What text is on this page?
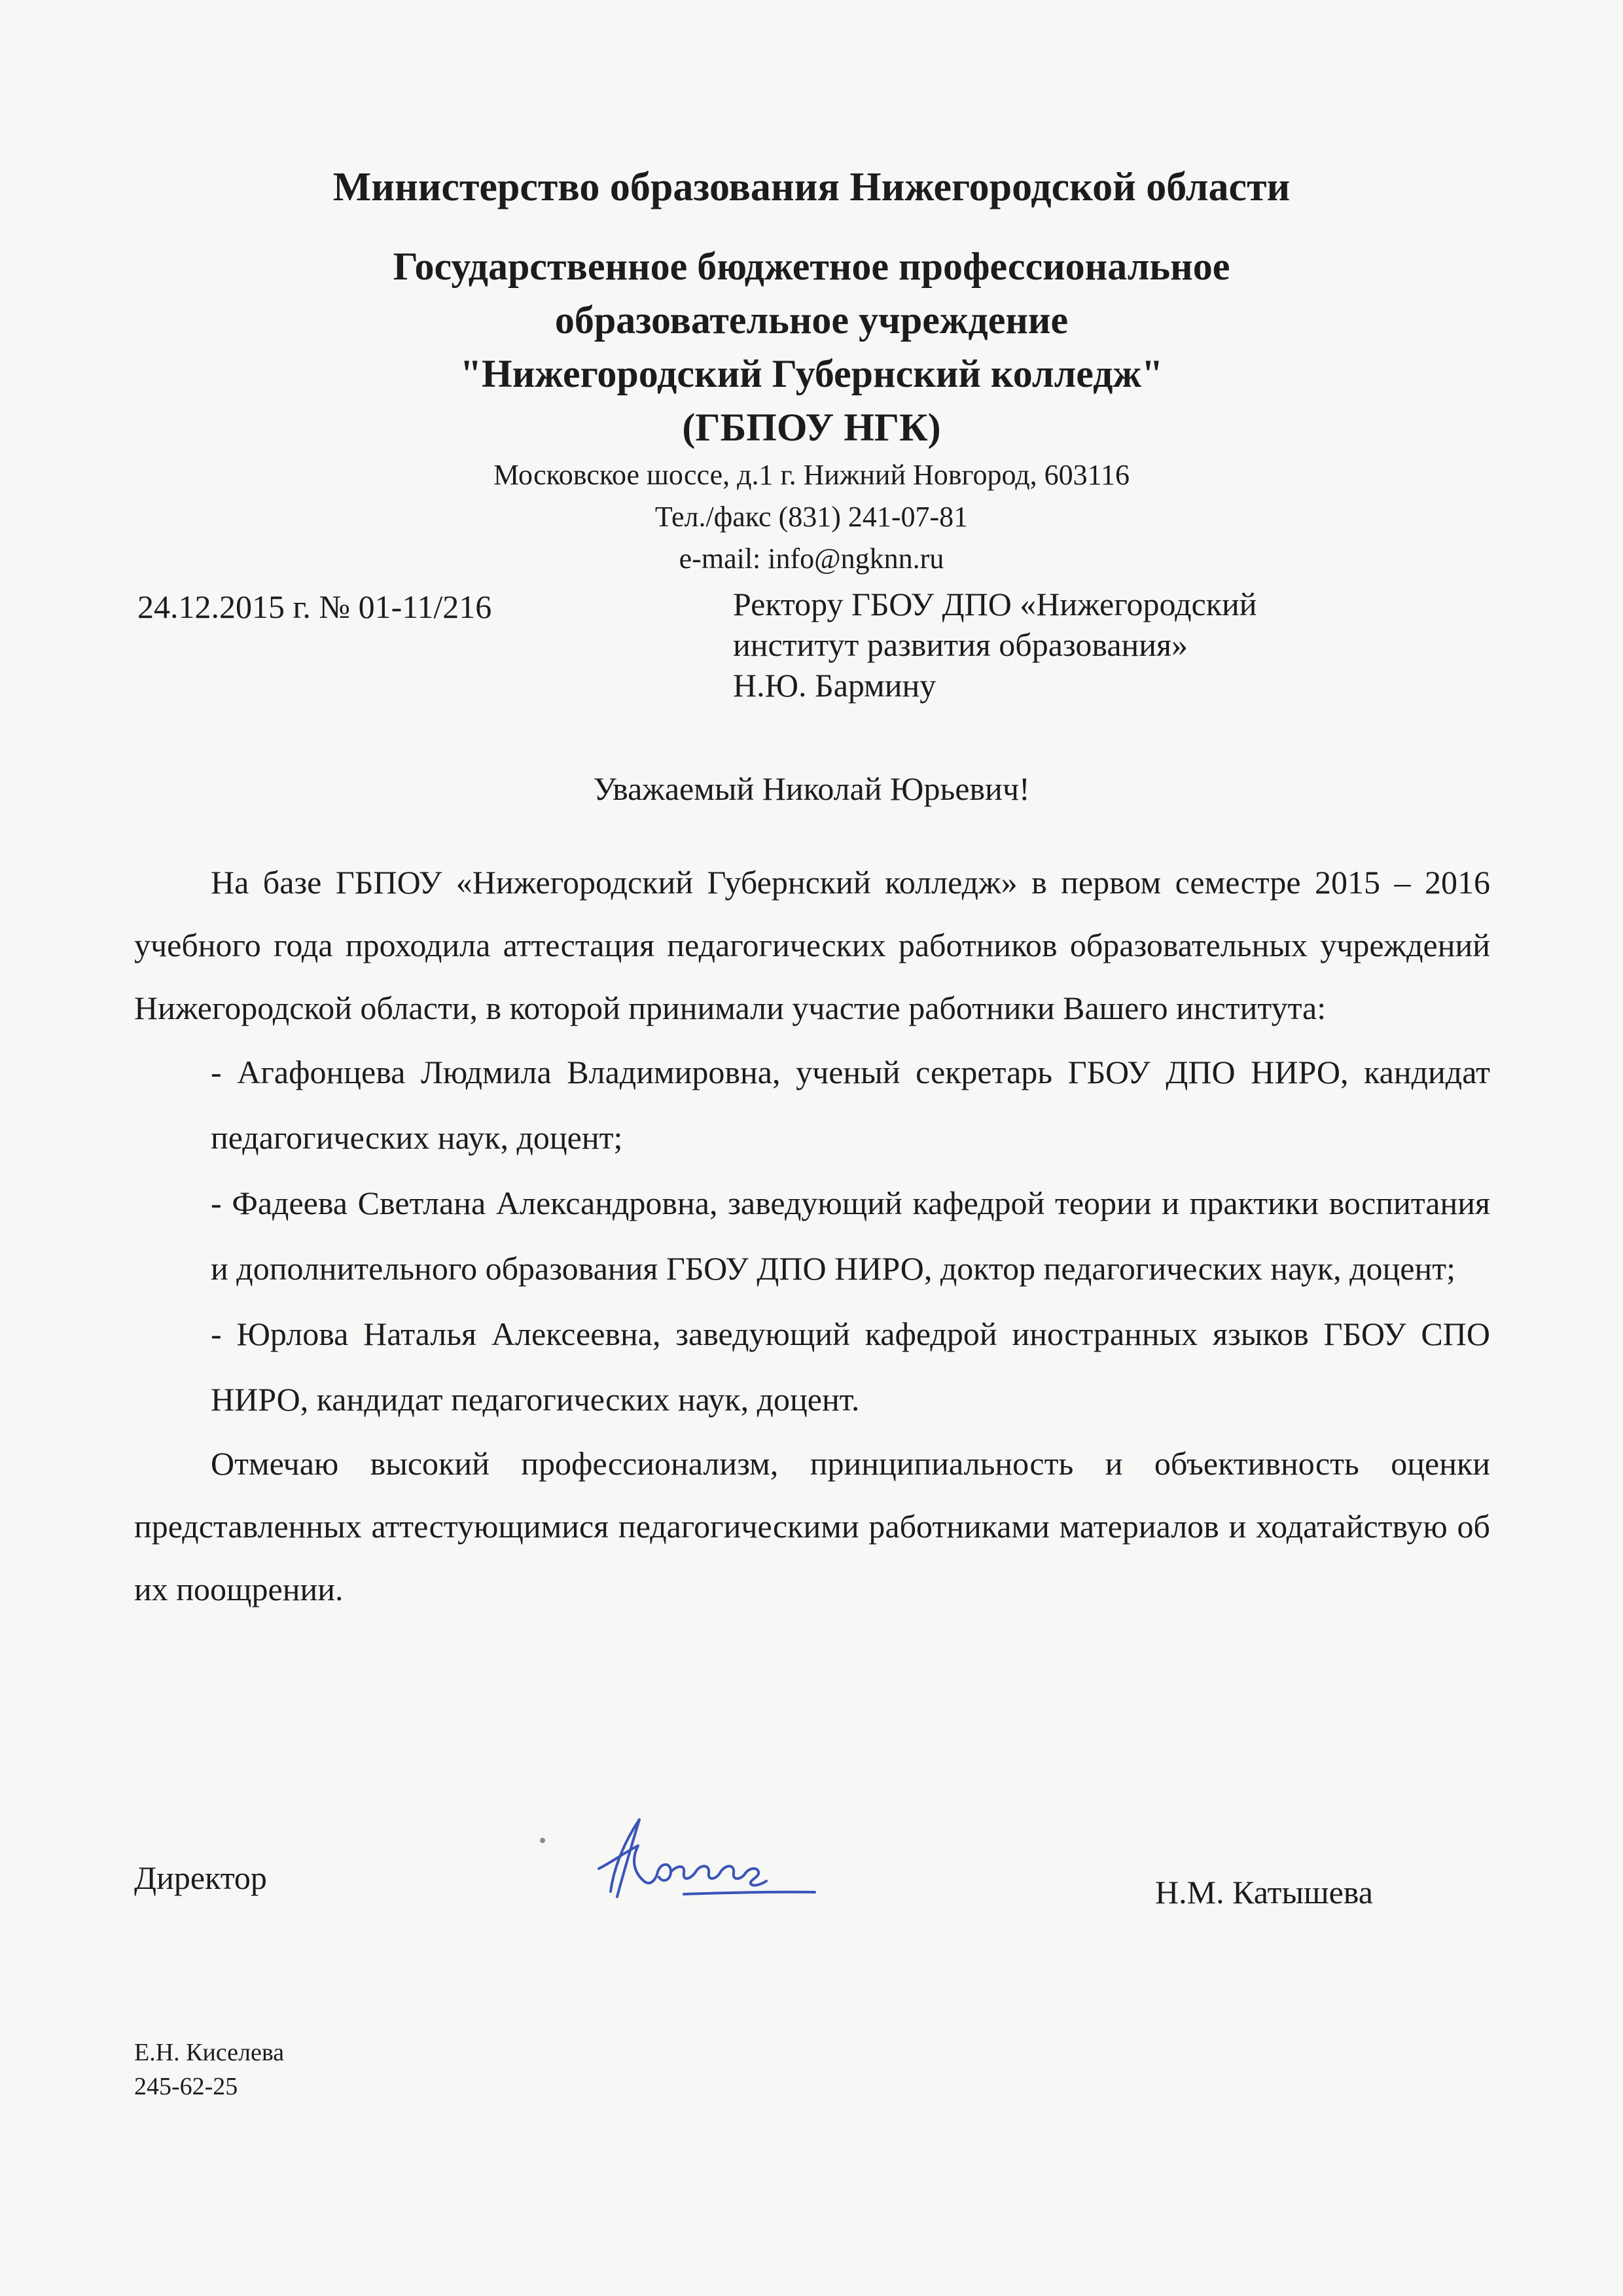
Министерство образования Нижегородской области
Государственное бюджетное профессиональное
образовательное учреждение
"Нижегородский Губернский колледж"
(ГБПОУ НГК)
Московское шоссе, д.1 г. Нижний Новгород, 603116
Тел./факс (831) 241-07-81
e-mail: info@ngknn.ru
24.12.2015 г. № 01-11/216	Ректору ГБОУ ДПО «Нижегородский
институт развития образования»
Н.Ю. Бармину
Уважаемый Николай Юрьевич!
На базе ГБПОУ «Нижегородский Губернский колледж» в первом семестре 2015 – 2016 учебного года проходила аттестация педагогических работников образовательных учреждений Нижегородской области, в которой принимали участие работники Вашего института:
- Агафонцева Людмила Владимировна, ученый секретарь ГБОУ ДПО НИРО, кандидат педагогических наук, доцент;
- Фадеева Светлана Александровна, заведующий кафедрой теории и практики воспитания и дополнительного образования ГБОУ ДПО НИРО, доктор педагогических наук, доцент;
- Юрлова Наталья Алексеевна, заведующий кафедрой иностранных языков ГБОУ СПО НИРО, кандидат педагогических наук, доцент.
Отмечаю высокий профессионализм, принципиальность и объективность оценки представленных аттестующимися педагогическими работниками материалов и ходатайствую об их поощрении.
Директор	Н.М. Катышева
Е.Н. Киселева
245-62-25
